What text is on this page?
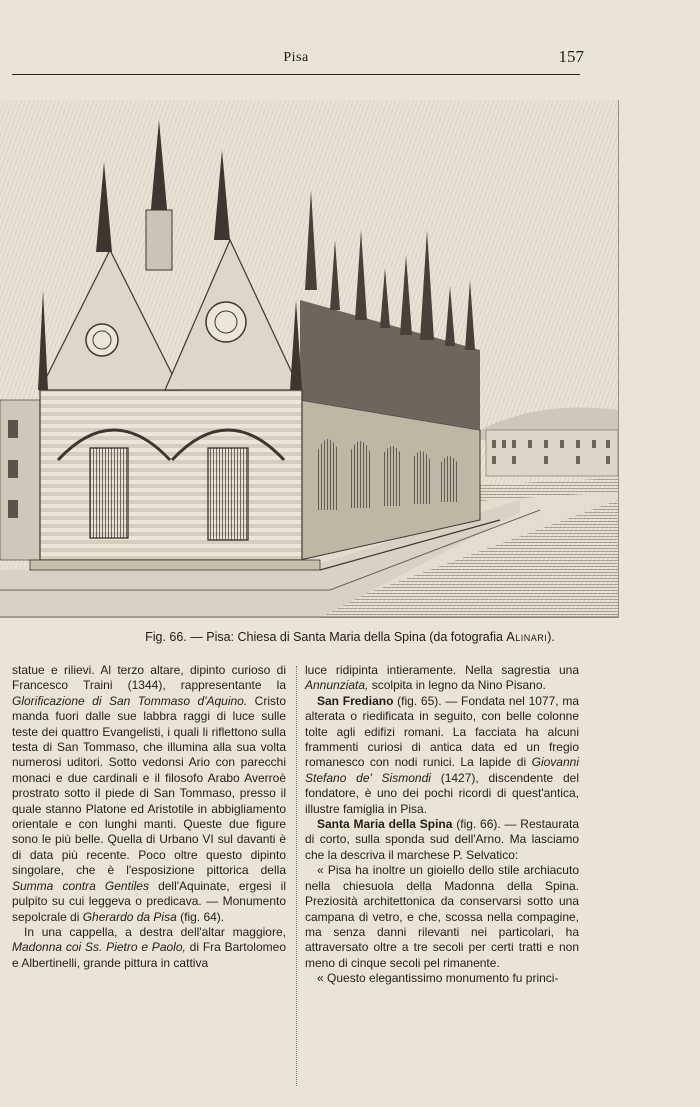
Pisa	157
Fig. 66. — Pisa: Chiesa di Santa Maria della Spina (da fotografia Alinari).

statue e rilievi. Al terzo altare, dipinto curioso di Francesco Traini (1344), rappresentante la Glorificazione di San Tommaso d'Aquino. Cristo manda fuori dalle sue labbra raggi di luce sulle teste dei quattro Evangelisti, i quali li riflettono sulla testa di San Tommaso, che illumina alla sua volta numerosi uditori. Sotto vedonsi Ario con parecchi monaci e due cardinali e il filosofo Arabo Averroè prostrato sotto il piede di San Tommaso, presso il quale stanno Platone ed Aristotile in abbigliamento orientale e con lunghi manti. Queste due figure sono le più belle. Quella di Urbano VI sul davanti è di data più recente. Poco oltre questo dipinto singolare, che è l'esposizione pittorica della Summa contra Gentiles dell'Aquinate, ergesi il pulpito su cui leggeva o predicava. — Monumento sepolcrale di Gherardo da Pisa (fig. 64).

In una cappella, a destra dell'altar maggiore, Madonna coi Ss. Pietro e Paolo, di Fra Bartolomeo e Albertinelli, grande pittura in cattiva

luce ridipinta intieramente. Nella sagrestia una Annunziata, scolpita in legno da Nino Pisano.

San Frediano (fig. 65). — Fondata nel 1077, ma alterata o riedificata in seguito, con belle colonne tolte agli edifizi romani. La facciata ha alcuni frammenti curiosi di antica data ed un fregio romanesco con nodi runici. La lapide di Giovanni Stefano de' Sismondi (1427), discendente del fondatore, è uno dei pochi ricordi di quest'antica, illustre famiglia in Pisa.

Santa Maria della Spina (fig. 66). — Restaurata di corto, sulla sponda sud dell'Arno. Ma lasciamo che la descriva il marchese P. Selvatico:

« Pisa ha inoltre un gioiello dello stile archiacuto nella chiesuola della Madonna della Spina. Preziosità architettonica da conservarsi sotto una campana di vetro, e che, scossa nella compagine, ma senza danni rilevanti nei particolari, ha attraversato oltre a tre secoli per certi tratti e non meno di cinque secoli pel rimanente.

« Questo elegantissimo monumento fu princi-
